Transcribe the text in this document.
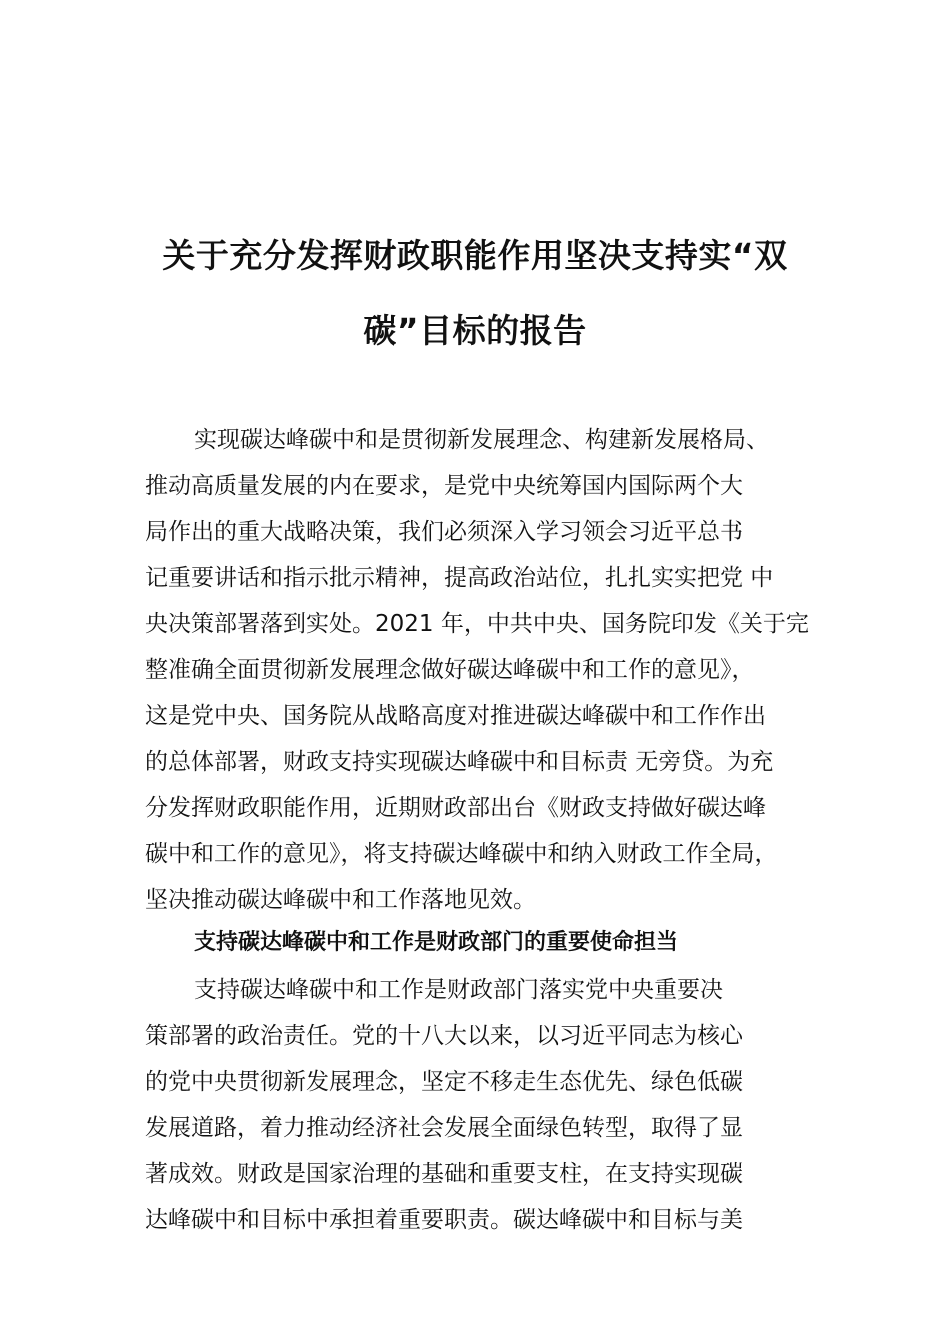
关于充分发挥财政职能作用坚决支持实“双
碳”目标的报告
实现碳达峰碳中和是贯彻新发展理念、构建新发展格局、
推动高质量发展的内在要求，是党中央统筹国内国际两个大
局作出的重大战略决策，我们必须深入学习领会习近平总书
记重要讲话和指示批示精神，提高政治站位，扎扎实实把党 中
央决策部署落到实处。2021 年，中共中央、国务院印发《关于完
整准确全面贯彻新发展理念做好碳达峰碳中和工作的意见》，
这是党中央、国务院从战略高度对推进碳达峰碳中和工作作出
的总体部署，财政支持实现碳达峰碳中和目标责 无旁贷。为充
分发挥财政职能作用，近期财政部出台《财政支持做好碳达峰
碳中和工作的意见》，将支持碳达峰碳中和纳入财政工作全局，
坚决推动碳达峰碳中和工作落地见效。
支持碳达峰碳中和工作是财政部门的重要使命担当
支持碳达峰碳中和工作是财政部门落实党中央重要决
策部署的政治责任。党的十八大以来，以习近平同志为核心
的党中央贯彻新发展理念，坚定不移走生态优先、绿色低碳
发展道路，着力推动经济社会发展全面绿色转型，取得了显
著成效。财政是国家治理的基础和重要支柱，在支持实现碳
达峰碳中和目标中承担着重要职责。碳达峰碳中和目标与美
